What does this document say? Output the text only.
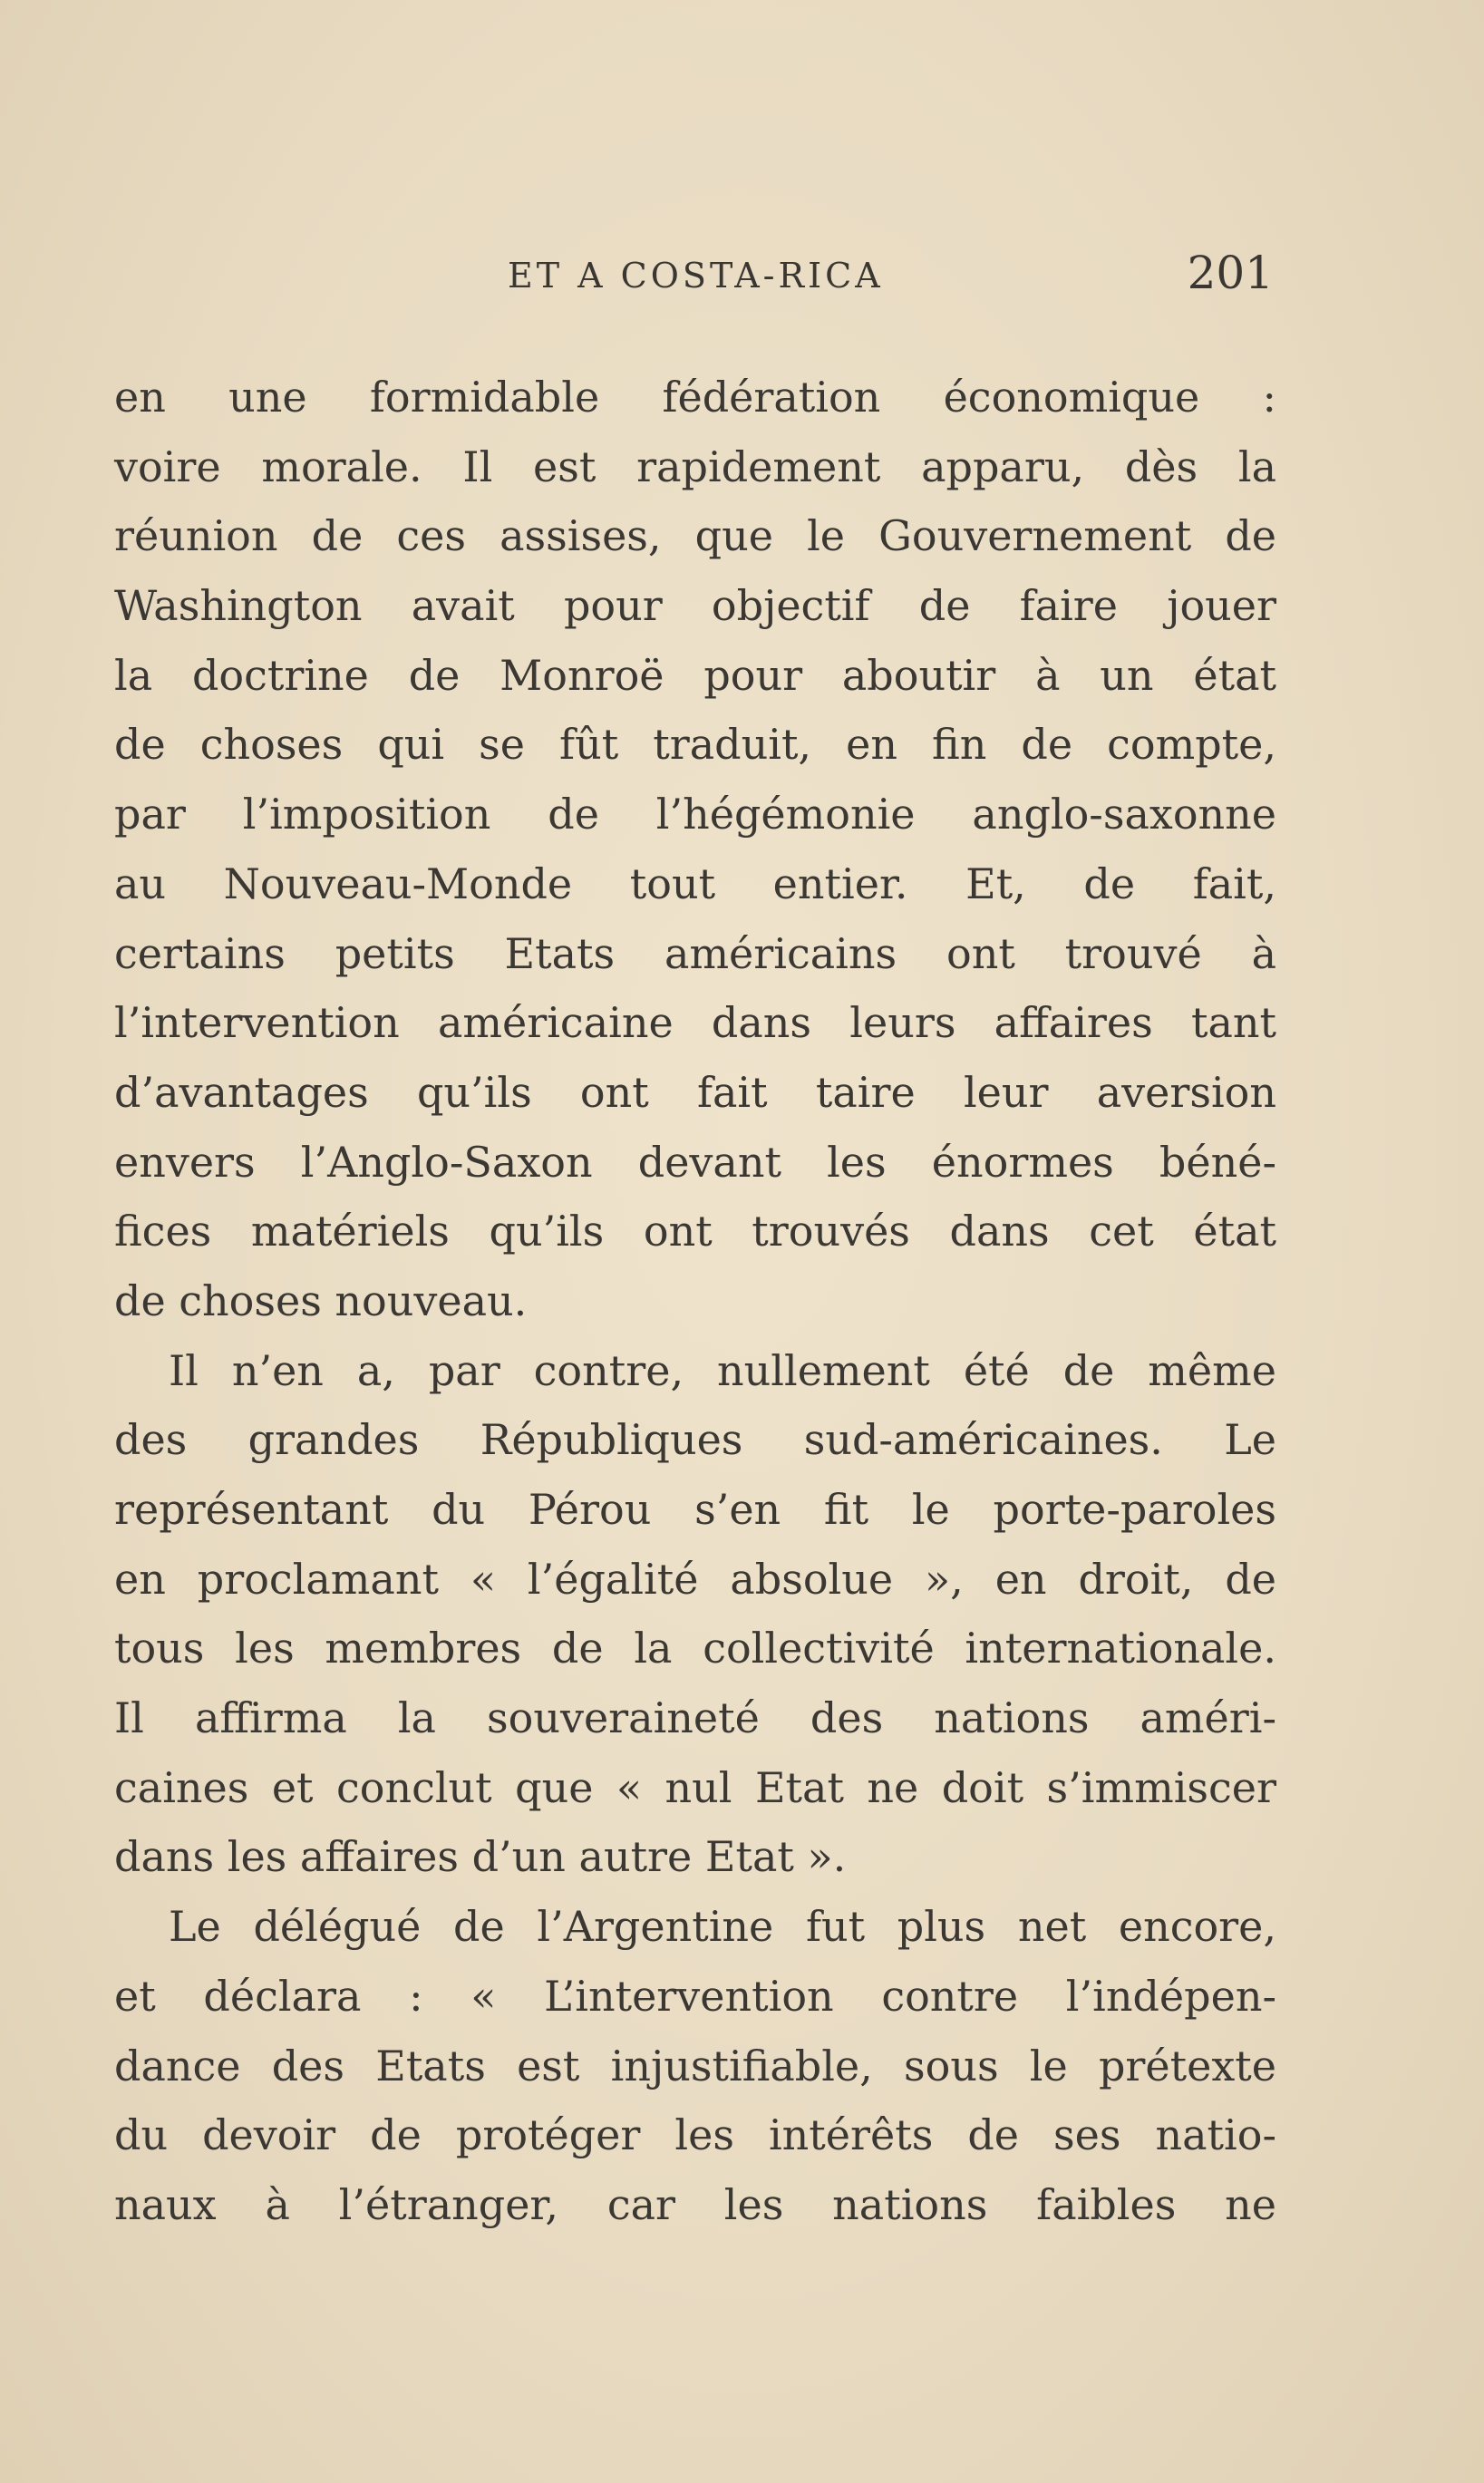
ET A COSTA-RICA	201
en une formidable fédération économique :
voire morale. Il est rapidement apparu, dès la
réunion de ces assises, que le Gouvernement de
Washington avait pour objectif de faire jouer
la doctrine de Monroë pour aboutir à un état
de choses qui se fût traduit, en fin de compte,
par l’imposition de l’hégémonie anglo-saxonne
au Nouveau-Monde tout entier. Et, de fait,
certains petits Etats américains ont trouvé à
l’intervention américaine dans leurs affaires tant
d’avantages qu’ils ont fait taire leur aversion
envers l’Anglo-Saxon devant les énormes béné-
fices matériels qu’ils ont trouvés dans cet état
de choses nouveau.
Il n’en a, par contre, nullement été de même
des grandes Républiques sud-américaines. Le
représentant du Pérou s’en fit le porte-paroles
en proclamant « l’égalité absolue », en droit, de
tous les membres de la collectivité internationale.
Il affirma la souveraineté des nations améri-
caines et conclut que « nul Etat ne doit s’immiscer
dans les affaires d’un autre Etat ».
Le délégué de l’Argentine fut plus net encore,
et déclara : « L’intervention contre l’indépen-
dance des Etats est injustifiable, sous le prétexte
du devoir de protéger les intérêts de ses natio-
naux à l’étranger, car les nations faibles ne
